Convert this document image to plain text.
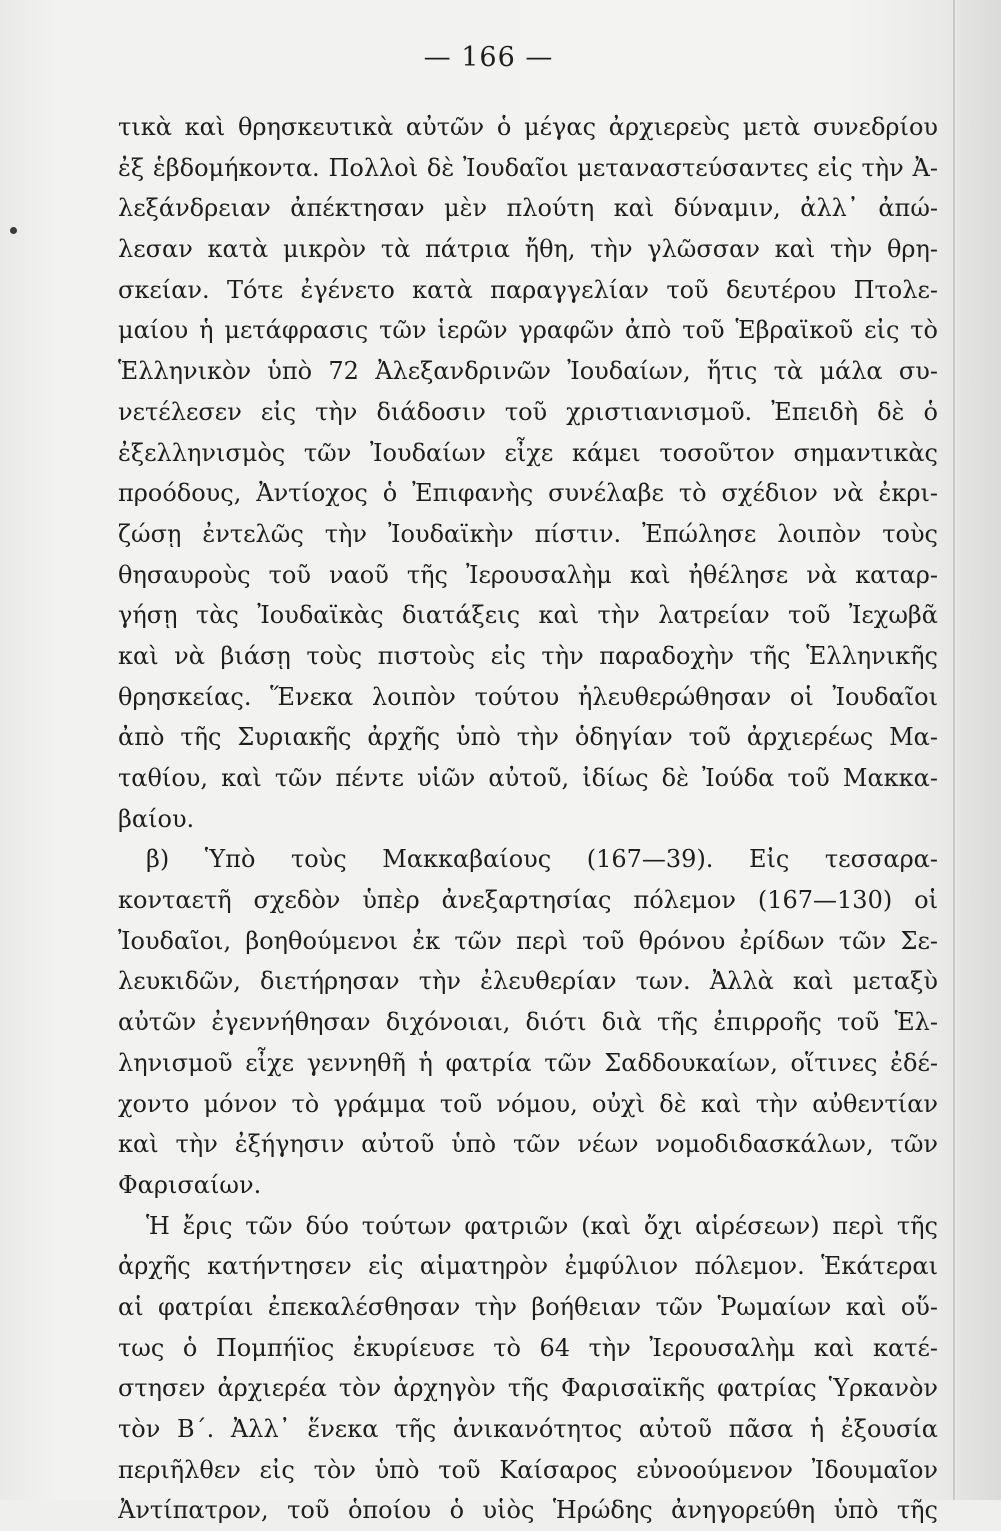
— 166 —
τικὰ καὶ θρησκευτικὰ αὐτῶν ὁ μέγας ἀρχιερεὺς μετὰ συνεδρίου
ἐξ ἑβδομήκοντα. Πολλοὶ δὲ Ἰουδαῖοι μεταναστεύσαντες εἰς τὴν Ἀ-
λεξάνδρειαν ἀπέκτησαν μὲν πλούτη καὶ δύναμιν, ἀλλ᾽ ἀπώ-
λεσαν κατὰ μικρὸν τὰ πάτρια ἤθη, τὴν γλῶσσαν καὶ τὴν θρη-
σκείαν. Τότε ἐγένετο κατὰ παραγγελίαν τοῦ δευτέρου Πτολε-
μαίου ἡ μετάφρασις τῶν ἱερῶν γραφῶν ἀπὸ τοῦ Ἑβραϊκοῦ εἰς τὸ
Ἑλληνικὸν ὑπὸ 72 Ἀλεξανδρινῶν Ἰουδαίων, ἥτις τὰ μάλα συ-
νετέλεσεν εἰς τὴν διάδοσιν τοῦ χριστιανισμοῦ. Ἐπειδὴ δὲ ὁ
ἐξελληνισμὸς τῶν Ἰουδαίων εἶχε κάμει τοσοῦτον σημαντικὰς
προόδους, Ἀντίοχος ὁ Ἐπιφανὴς συνέλαβε τὸ σχέδιον νὰ ἐκρι-
ζώσῃ ἐντελῶς τὴν Ἰουδαϊκὴν πίστιν. Ἐπώλησε λοιπὸν τοὺς
θησαυροὺς τοῦ ναοῦ τῆς Ἰερουσαλὴμ καὶ ἠθέλησε νὰ καταρ-
γήσῃ τὰς Ἰουδαϊκὰς διατάξεις καὶ τὴν λατρείαν τοῦ Ἰεχωβᾶ
καὶ νὰ βιάσῃ τοὺς πιστοὺς εἰς τὴν παραδοχὴν τῆς Ἑλληνικῆς
θρησκείας. Ἕνεκα λοιπὸν τούτου ἠλευθερώθησαν οἱ Ἰουδαῖοι
ἀπὸ τῆς Συριακῆς ἀρχῆς ὑπὸ τὴν ὁδηγίαν τοῦ ἀρχιερέως Μα-
ταθίου, καὶ τῶν πέντε υἱῶν αὐτοῦ, ἰδίως δὲ Ἰούδα τοῦ Μακκα-
βαίου.
β) Ὑπὸ τοὺς Μακκαβαίους (167—39). Εἰς τεσσαρα-
κονταετῆ σχεδὸν ὑπὲρ ἀνεξαρτησίας πόλεμον (167—130) οἱ
Ἰουδαῖοι, βοηθούμενοι ἐκ τῶν περὶ τοῦ θρόνου ἐρίδων τῶν Σε-
λευκιδῶν, διετήρησαν τὴν ἐλευθερίαν των. Ἀλλὰ καὶ μεταξὺ
αὐτῶν ἐγεννήθησαν διχόνοιαι, διότι διὰ τῆς ἐπιρροῆς τοῦ Ἑλ-
ληνισμοῦ εἶχε γεννηθῆ ἡ φατρία τῶν Σαδδουκαίων, οἵτινες ἐδέ-
χοντο μόνον τὸ γράμμα τοῦ νόμου, οὐχὶ δὲ καὶ τὴν αὐθεντίαν
καὶ τὴν ἐξήγησιν αὐτοῦ ὑπὸ τῶν νέων νομοδιδασκάλων, τῶν
Φαρισαίων.
Ἡ ἔρις τῶν δύο τούτων φατριῶν (καὶ ὄχι αἱρέσεων) περὶ τῆς
ἀρχῆς κατήντησεν εἰς αἱματηρὸν ἐμφύλιον πόλεμον. Ἑκάτεραι
αἱ φατρίαι ἐπεκαλέσθησαν τὴν βοήθειαν τῶν Ῥωμαίων καὶ οὕ-
τως ὁ Πομπήϊος ἐκυρίευσε τὸ 64 τὴν Ἰερουσαλὴμ καὶ κατέ-
στησεν ἀρχιερέα τὸν ἀρχηγὸν τῆς Φαρισαϊκῆς φατρίας Ὑρκανὸν
τὸν Β΄. Ἀλλ᾽ ἕνεκα τῆς ἀνικανότητος αὐτοῦ πᾶσα ἡ ἐξουσία
περιῆλθεν εἰς τὸν ὑπὸ τοῦ Καίσαρος εὐνοούμενον Ἰδουμαῖον
Ἀντίπατρον, τοῦ ὁποίου ὁ υἱὸς Ἡρώδης ἀνηγορεύθη ὑπὸ τῆς
